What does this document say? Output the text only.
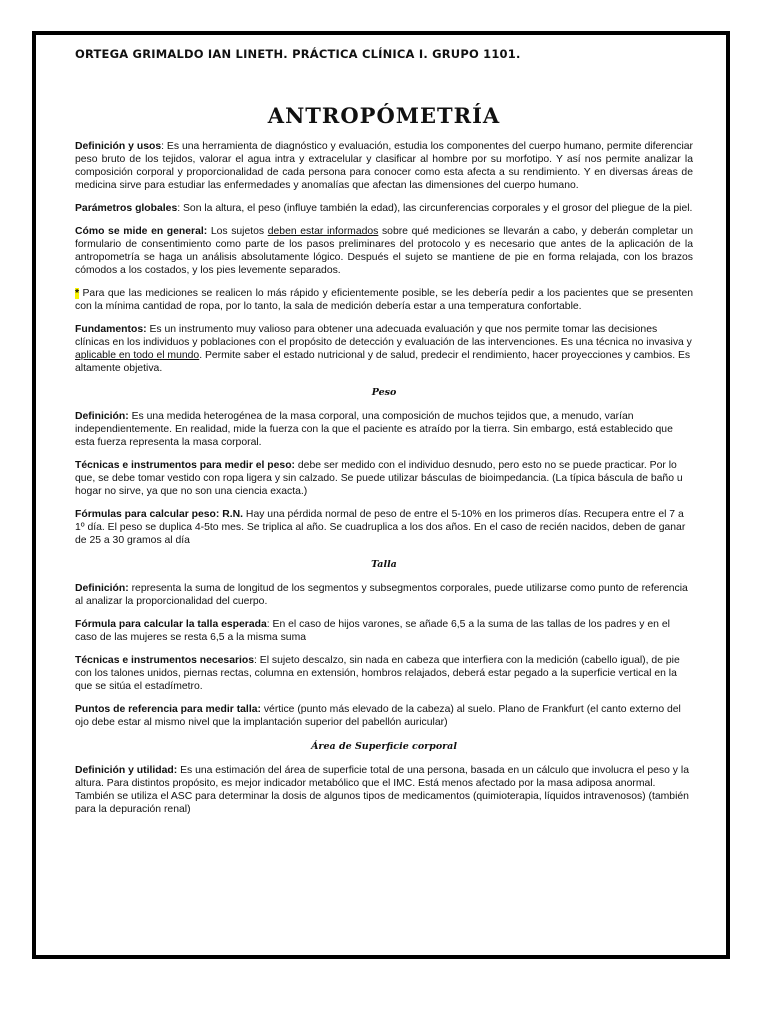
ORTEGA GRIMALDO IAN LINETH. PRÁCTICA CLÍNICA I. GRUPO 1101.
ANTROPÓMETRÍA

Definición y usos: Es una herramienta de diagnóstico y evaluación, estudia los componentes del cuerpo humano, permite diferenciar peso bruto de los tejidos, valorar el agua intra y extracelular y clasificar al hombre por su morfotipo. Y así nos permite analizar la composición corporal y proporcionalidad de cada persona para conocer como esta afecta a su rendimiento. Y en diversas áreas de medicina sirve para estudiar las enfermedades y anomalías que afectan las dimensiones del cuerpo humano.

Parámetros globales: Son la altura, el peso (influye también la edad), las circunferencias corporales y el grosor del pliegue de la piel.

Cómo se mide en general: Los sujetos deben estar informados sobre qué mediciones se llevarán a cabo, y deberán completar un formulario de consentimiento como parte de los pasos preliminares del protocolo y es necesario que antes de la aplicación de la antropometría se haga un análisis absolutamente lógico. Después el sujeto se mantiene de pie en forma relajada, con los brazos cómodos a los costados, y los pies levemente separados.

* Para que las mediciones se realicen lo más rápido y eficientemente posible, se les debería pedir a los pacientes que se presenten con la mínima cantidad de ropa, por lo tanto, la sala de medición debería estar a una temperatura confortable.

Fundamentos: Es un instrumento muy valioso para obtener una adecuada evaluación y que nos permite tomar las decisiones clínicas en los individuos y poblaciones con el propósito de detección y evaluación de las intervenciones. Es una técnica no invasiva y aplicable en todo el mundo. Permite saber el estado nutricional y de salud, predecir el rendimiento, hacer proyecciones y cambios. Es altamente objetiva.

Peso

Definición: Es una medida heterogénea de la masa corporal, una composición de muchos tejidos que, a menudo, varían independientemente. En realidad, mide la fuerza con la que el paciente es atraído por la tierra. Sin embargo, está establecido que esta fuerza representa la masa corporal.

Técnicas e instrumentos para medir el peso: debe ser medido con el individuo desnudo, pero esto no se puede practicar. Por lo que, se debe tomar vestido con ropa ligera y sin calzado. Se puede utilizar básculas de bioimpedancia. (La típica báscula de baño u hogar no sirve, ya que no son una ciencia exacta.)

Fórmulas para calcular peso: R.N. Hay una pérdida normal de peso de entre el 5-10% en los primeros días. Recupera entre el 7 a 1º día. El peso se duplica 4-5to mes. Se triplica al año. Se cuadruplica a los dos años. En el caso de recién nacidos, deben de ganar de 25 a 30 gramos al día

Talla

Definición: representa la suma de longitud de los segmentos y subsegmentos corporales, puede utilizarse como punto de referencia al analizar la proporcionalidad del cuerpo.

Fórmula para calcular la talla esperada: En el caso de hijos varones, se añade 6,5 a la suma de las tallas de los padres y en el caso de las mujeres se resta 6,5 a la misma suma

Técnicas e instrumentos necesarios: El sujeto descalzo, sin nada en cabeza que interfiera con la medición (cabello igual), de pie con los talones unidos, piernas rectas, columna en extensión, hombros relajados, deberá estar pegado a la superficie vertical en la que se sitúa el estadímetro.

Puntos de referencia para medir talla: vértice (punto más elevado de la cabeza) al suelo. Plano de Frankfurt (el canto externo del ojo debe estar al mismo nivel que la implantación superior del pabellón auricular)

Área de Superficie corporal

Definición y utilidad: Es una estimación del área de superficie total de una persona, basada en un cálculo que involucra el peso y la altura. Para distintos propósito, es mejor indicador metabólico que el IMC. Está menos afectado por la masa adiposa anormal. También se utiliza el ASC para determinar la dosis de algunos tipos de medicamentos (quimioterapia, líquidos intravenosos) (también para la depuración renal)
